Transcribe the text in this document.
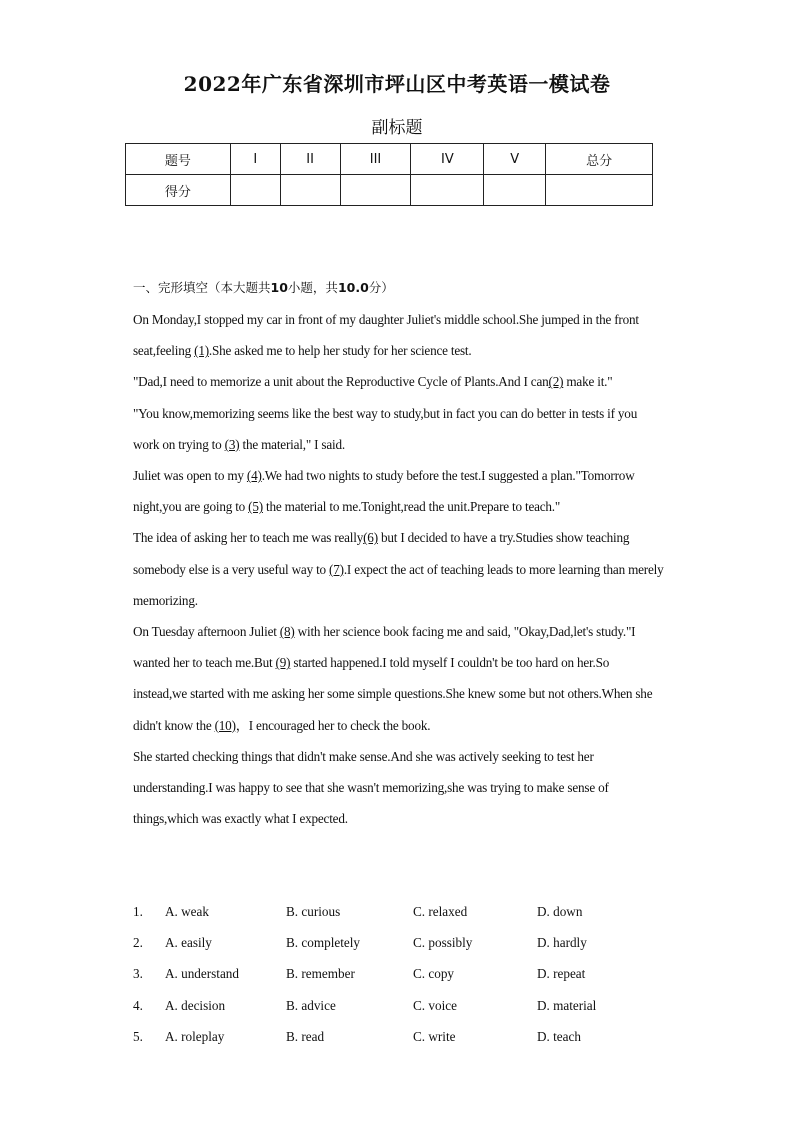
2022年广东省深圳市坪山区中考英语一模试卷
副标题
题号	I	II	III	IV	V	总分
得分						
一、完形填空（本大题共10小题，共10.0分）

On Monday,I stopped my car in front of my daughter Juliet's middle school.She jumped in the front seat,feeling (1).She asked me to help her study for her science test.

"Dad,I need to memorize a unit about the Reproductive Cycle of Plants.And I can(2) make it."

"You know,memorizing seems like the best way to study,but in fact you can do better in tests if you work on trying to (3) the material," I said.

Juliet was open to my (4).We had two nights to study before the test.I suggested a plan."Tomorrow night,you are going to (5) the material to me.Tonight,read the unit.Prepare to teach."

The idea of asking her to teach me was really(6) but I decided to have a try.Studies show teaching somebody else is a very useful way to (7).I expect the act of teaching leads to more learning than merely memorizing.

On Tuesday afternoon Juliet (8) with her science book facing me and said, "Okay,Dad,let's study."I wanted her to teach me.But (9) started happened.I told myself I couldn't be too hard on her.So instead,we started with me asking her some simple questions.She knew some but not others.When she didn't know the (10)，I encouraged her to check the book.

She started checking things that didn't make sense.And she was actively seeking to test her understanding.I was happy to see that she wasn't memorizing,she was trying to make sense of things,which was exactly what I expected.

1. A. weak	B. curious	C. relaxed	D. down
2. A. easily	B. completely	C. possibly	D. hardly
3. A. understand	B. remember	C. copy	D. repeat
4. A. decision	B. advice	C. voice	D. material
5. A. roleplay	B. read	C. write	D. teach
